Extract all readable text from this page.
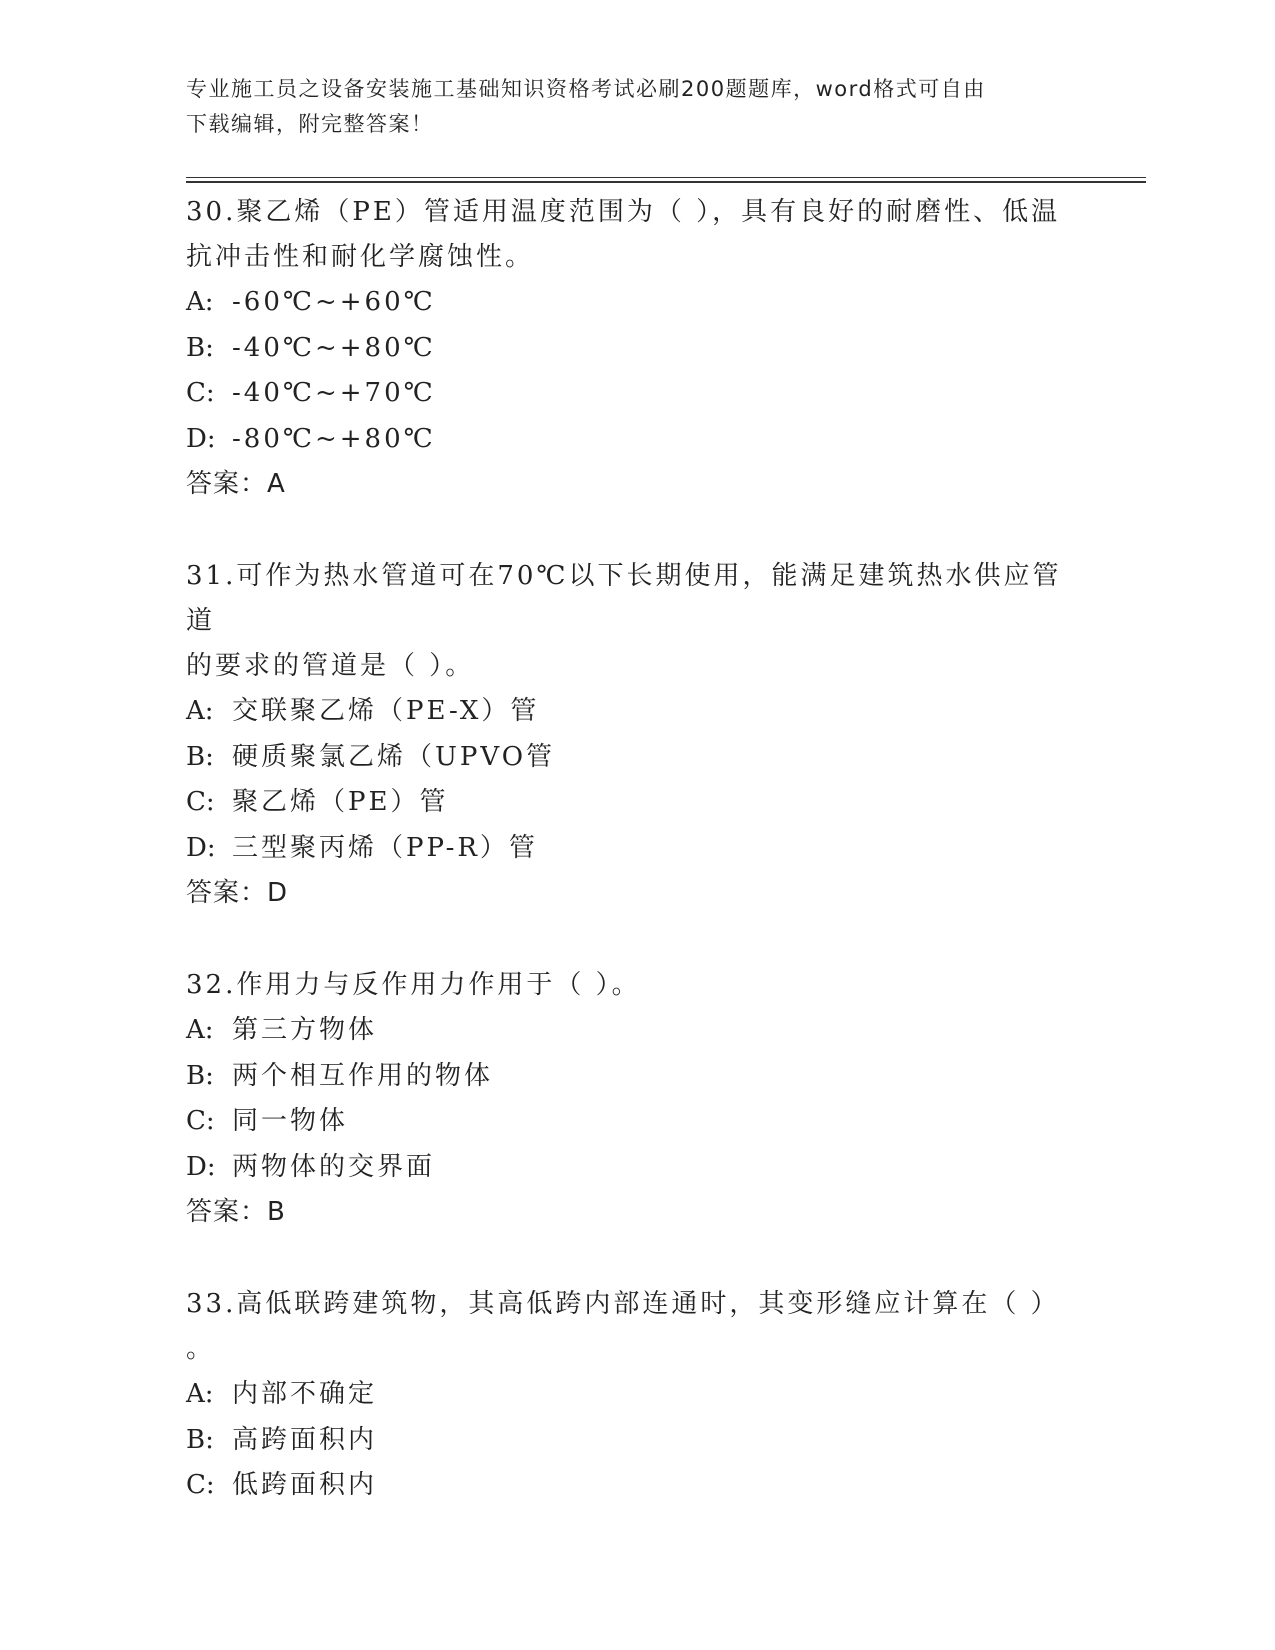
专业施工员之设备安装施工基础知识资格考试必刷200题题库，word格式可自由
下载编辑，附完整答案！

30.聚乙烯（PE）管适用温度范围为（ ），具有良好的耐磨性、低温

抗冲击性和耐化学腐蚀性。

A: -60℃~+60℃

B: -40℃~+80℃

C: -40℃~+70℃

D: -80℃~+80℃

答案：A

31.可作为热水管道可在70℃以下长期使用，能满足建筑热水供应管道

的要求的管道是（ ）。

A: 交联聚乙烯（PE-X）管

B: 硬质聚氯乙烯（UPVO管

C: 聚乙烯（PE）管

D: 三型聚丙烯（PP-R）管

答案：D

32.作用力与反作用力作用于（ ）。

A: 第三方物体

B: 两个相互作用的物体

C: 同一物体

D: 两物体的交界面

答案：B

33.高低联跨建筑物，其高低跨内部连通时，其变形缝应计算在（ ）

。

A: 内部不确定

B: 高跨面积内

C: 低跨面积内
